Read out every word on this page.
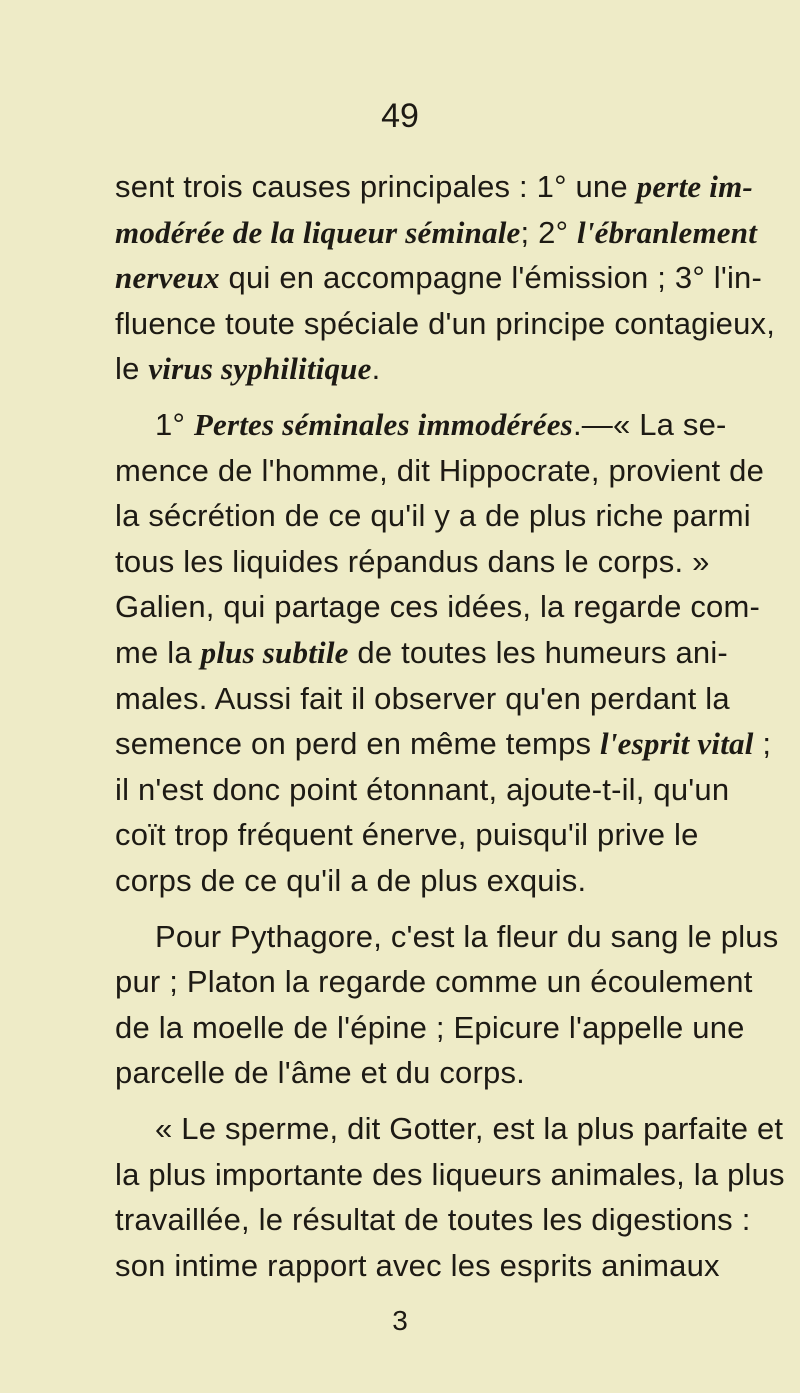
49
sent trois causes principales : 1° une perte im-
modérée de la liqueur séminale; 2° l'ébranlement
nerveux qui en accompagne l'émission ; 3° l'in-
fluence toute spéciale d'un principe contagieux,
le virus syphilitique.
1° Pertes séminales immodérées.—« La se-
mence de l'homme, dit Hippocrate, provient de
la sécrétion de ce qu'il y a de plus riche parmi
tous les liquides répandus dans le corps. »
Galien, qui partage ces idées, la regarde com-
me la plus subtile de toutes les humeurs ani-
males. Aussi fait il observer qu'en perdant la
semence on perd en même temps l'esprit vital ;
il n'est donc point étonnant, ajoute-t-il, qu'un
coït trop fréquent énerve, puisqu'il prive le
corps de ce qu'il a de plus exquis.
Pour Pythagore, c'est la fleur du sang le plus
pur ; Platon la regarde comme un écoulement
de la moelle de l'épine ; Epicure l'appelle une
parcelle de l'âme et du corps.
« Le sperme, dit Gotter, est la plus parfaite et
la plus importante des liqueurs animales, la plus
travaillée, le résultat de toutes les digestions :
son intime rapport avec les esprits animaux
3
